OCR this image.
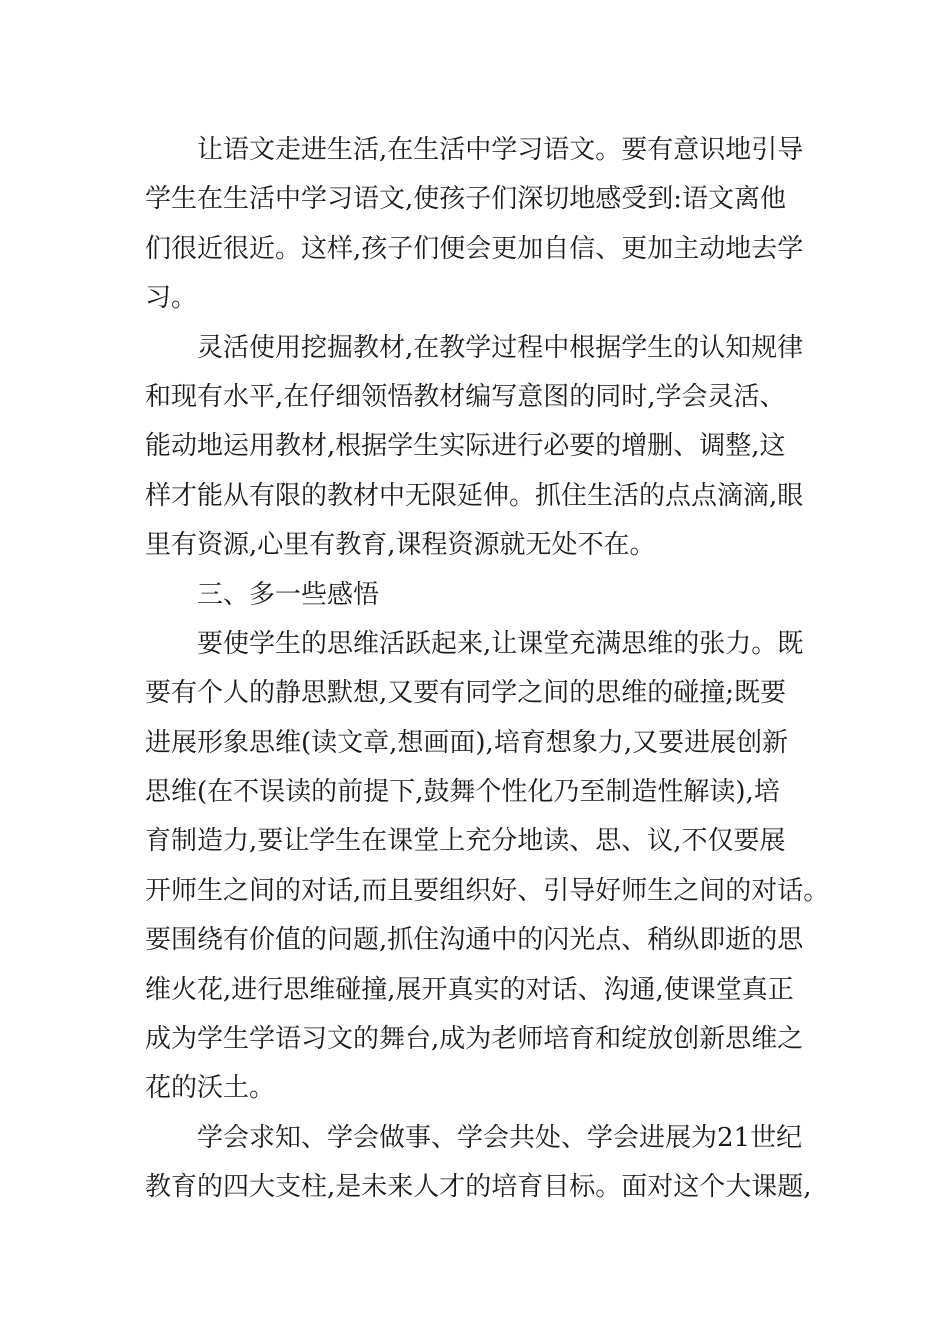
让语文走进生活,在生活中学习语文。要有意识地引导
学生在生活中学习语文,使孩子们深切地感受到:语文离他
们很近很近。这样,孩子们便会更加自信、更加主动地去学
习。
灵活使用挖掘教材,在教学过程中根据学生的认知规律
和现有水平,在仔细领悟教材编写意图的同时,学会灵活、
能动地运用教材,根据学生实际进行必要的增删、调整,这
样才能从有限的教材中无限延伸。抓住生活的点点滴滴,眼
里有资源,心里有教育,课程资源就无处不在。
三、多一些感悟
要使学生的思维活跃起来,让课堂充满思维的张力。既
要有个人的静思默想,又要有同学之间的思维的碰撞;既要
进展形象思维(读文章,想画面),培育想象力,又要进展创新
思维(在不误读的前提下,鼓舞个性化乃至制造性解读),培
育制造力,要让学生在课堂上充分地读、思、议,不仅要展
开师生之间的对话,而且要组织好、引导好师生之间的对话。
要围绕有价值的问题,抓住沟通中的闪光点、稍纵即逝的思
维火花,进行思维碰撞,展开真实的对话、沟通,使课堂真正
成为学生学语习文的舞台,成为老师培育和绽放创新思维之
花的沃土。
学会求知、学会做事、学会共处、学会进展为21世纪
教育的四大支柱,是未来人才的培育目标。面对这个大课题,
